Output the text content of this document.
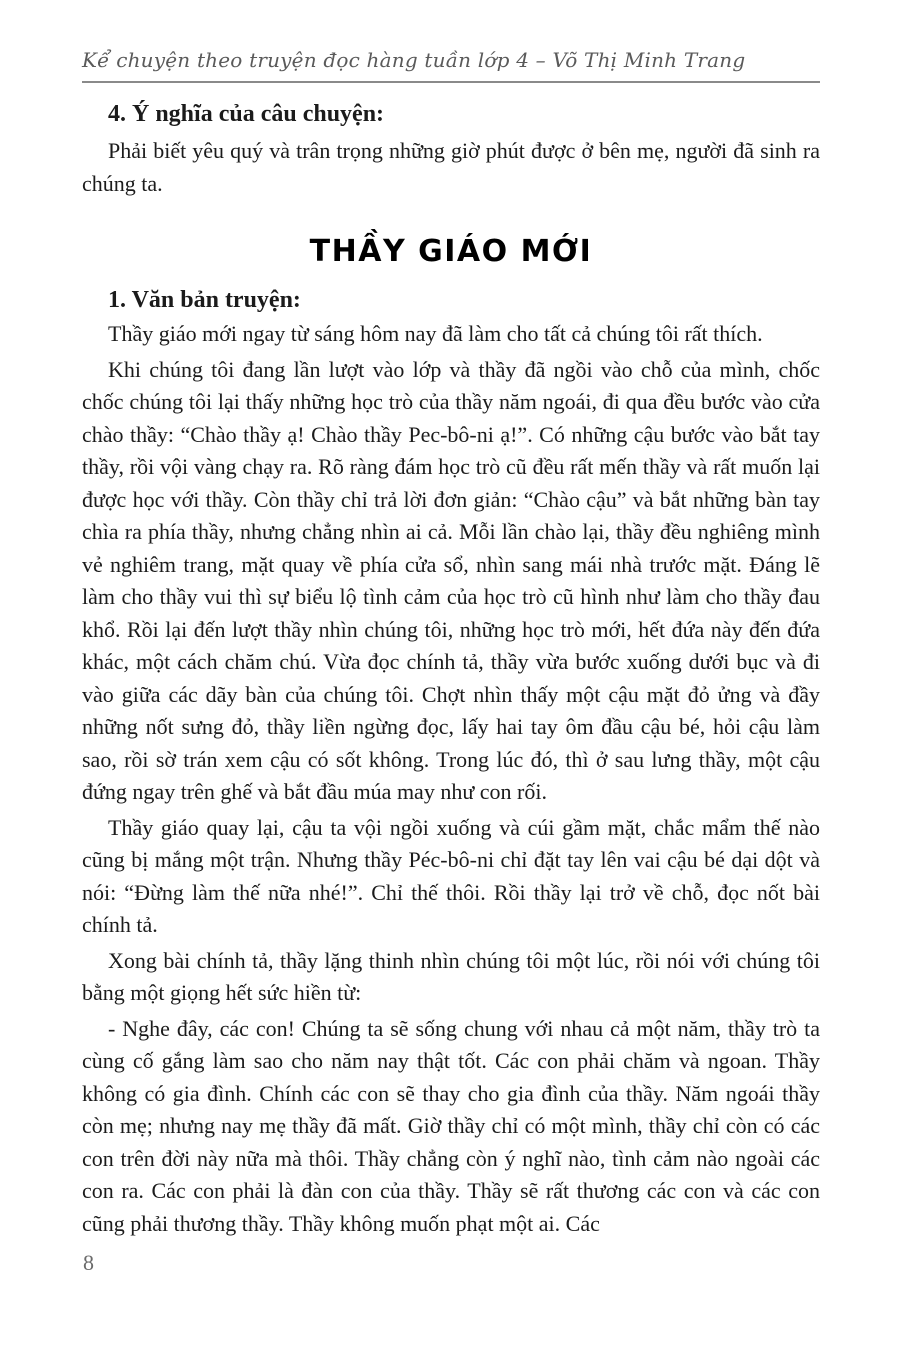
Kể chuyện theo truyện đọc hàng tuần lớp 4 – Võ Thị Minh Trang
4. Ý nghĩa của câu chuyện:

Phải biết yêu quý và trân trọng những giờ phút được ở bên mẹ, người đã sinh ra chúng ta.

THẦY GIÁO MỚI
1. Văn bản truyện:

Thầy giáo mới ngay từ sáng hôm nay đã làm cho tất cả chúng tôi rất thích.

Khi chúng tôi đang lần lượt vào lớp và thầy đã ngồi vào chỗ của mình, chốc chốc chúng tôi lại thấy những học trò của thầy năm ngoái, đi qua đều bước vào cửa chào thầy: “Chào thầy ạ! Chào thầy Pec-bô-ni ạ!”. Có những cậu bước vào bắt tay thầy, rồi vội vàng chạy ra. Rõ ràng đám học trò cũ đều rất mến thầy và rất muốn lại được học với thầy. Còn thầy chỉ trả lời đơn giản: “Chào cậu” và bắt những bàn tay chìa ra phía thầy, nhưng chẳng nhìn ai cả. Mỗi lần chào lại, thầy đều nghiêng mình vẻ nghiêm trang, mặt quay về phía cửa sổ, nhìn sang mái nhà trước mặt. Đáng lẽ làm cho thầy vui thì sự biểu lộ tình cảm của học trò cũ hình như làm cho thầy đau khổ. Rồi lại đến lượt thầy nhìn chúng tôi, những học trò mới, hết đứa này đến đứa khác, một cách chăm chú. Vừa đọc chính tả, thầy vừa bước xuống dưới bục và đi vào giữa các dãy bàn của chúng tôi. Chợt nhìn thấy một cậu mặt đỏ ửng và đầy những nốt sưng đỏ, thầy liền ngừng đọc, lấy hai tay ôm đầu cậu bé, hỏi cậu làm sao, rồi sờ trán xem cậu có sốt không. Trong lúc đó, thì ở sau lưng thầy, một cậu đứng ngay trên ghế và bắt đầu múa may như con rối.

Thầy giáo quay lại, cậu ta vội ngồi xuống và cúi gầm mặt, chắc mẩm thế nào cũng bị mắng một trận. Nhưng thầy Péc-bô-ni chỉ đặt tay lên vai cậu bé dại dột và nói: “Đừng làm thế nữa nhé!”. Chỉ thế thôi. Rồi thầy lại trở về chỗ, đọc nốt bài chính tả.

Xong bài chính tả, thầy lặng thinh nhìn chúng tôi một lúc, rồi nói với chúng tôi bằng một giọng hết sức hiền từ:

- Nghe đây, các con! Chúng ta sẽ sống chung với nhau cả một năm, thầy trò ta cùng cố gắng làm sao cho năm nay thật tốt. Các con phải chăm và ngoan. Thầy không có gia đình. Chính các con sẽ thay cho gia đình của thầy. Năm ngoái thầy còn mẹ; nhưng nay mẹ thầy đã mất. Giờ thầy chỉ có một mình, thầy chỉ còn có các con trên đời này nữa mà thôi. Thầy chẳng còn ý nghĩ nào, tình cảm nào ngoài các con ra. Các con phải là đàn con của thầy. Thầy sẽ rất thương các con và các con cũng phải thương thầy. Thầy không muốn phạt một ai. Các

8
